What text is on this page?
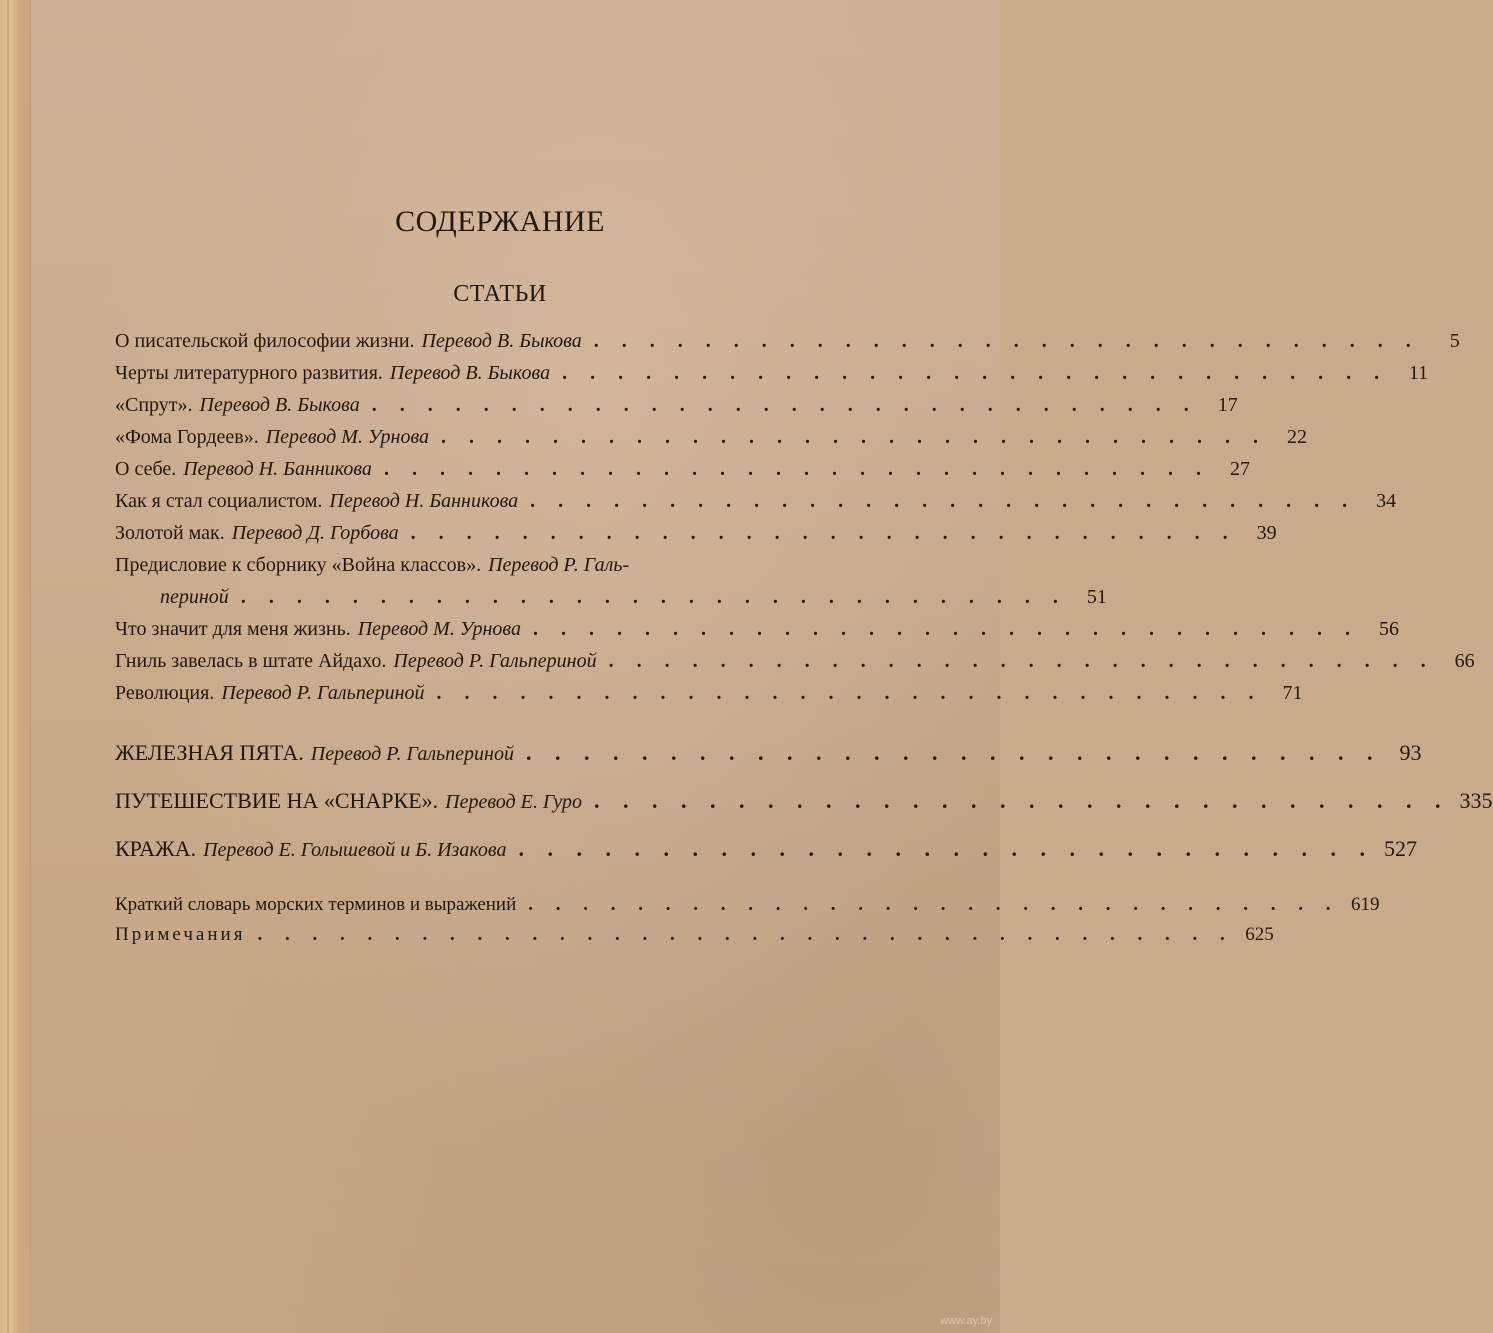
СОДЕРЖАНИЕ
СТАТЬИ
О писательской философии жизни. Перевод В. Быкова . . . . . . . . . . . . . . . . . . . . . . . . . . . . . .	5
Черты литературного развития. Перевод В. Быкова . . . . . . . . . . . . . . . . . . . . . . . . . . . . . .	11
«Спрут». Перевод В. Быкова . . . . . . . . . . . . . . . . . . . . . . . . . . . . . .	17
«Фома Гордеев». Перевод М. Урнова . . . . . . . . . . . . . . . . . . . . . . . . . . . . . .	22
О себе. Перевод Н. Банникова . . . . . . . . . . . . . . . . . . . . . . . . . . . . . .	27
Как я стал социалистом. Перевод Н. Банникова . . . . . . . . . . . . . . . . . . . . . . . . . . . . . .	34
Золотой мак. Перевод Д. Горбова . . . . . . . . . . . . . . . . . . . . . . . . . . . . . .	39
Предисловие к сборнику «Война классов». Перевод Р. Галь-
периной . . . . . . . . . . . . . . . . . . . . . . . . . . . . . .	51
Что значит для меня жизнь. Перевод М. Урнова . . . . . . . . . . . . . . . . . . . . . . . . . . . . . .	56
Гниль завелась в штате Айдахо. Перевод Р. Гальпериной . . . . . . . . . . . . . . . . . . . . . . . . . . . . . .	66
Революция. Перевод Р. Гальпериной . . . . . . . . . . . . . . . . . . . . . . . . . . . . . .	71
ЖЕЛЕЗНАЯ ПЯТА. Перевод Р. Гальпериной . . . . . . . . . . . . . . . . . . . . . . . . . . . . . . 93
ПУТЕШЕСТВИЕ НА «СНАРКЕ». Перевод Е. Гуро . . . . . . . . . . . . . . . . . . . . . . . . . . . . . . 335
КРАЖА. Перевод Е. Голышевой и Б. Изакова . . . . . . . . . . . . . . . . . . . . . . . . . . . . . . 527
Краткий словарь морских терминов и выражений . . . . . . . . . . . . . . . . . . . . . . . . . . . . . . 619
Примечания . . . . . . . . . . . . . . . . . . . . . . . . . . . . . . . . . . . . 625
www.ay.by
